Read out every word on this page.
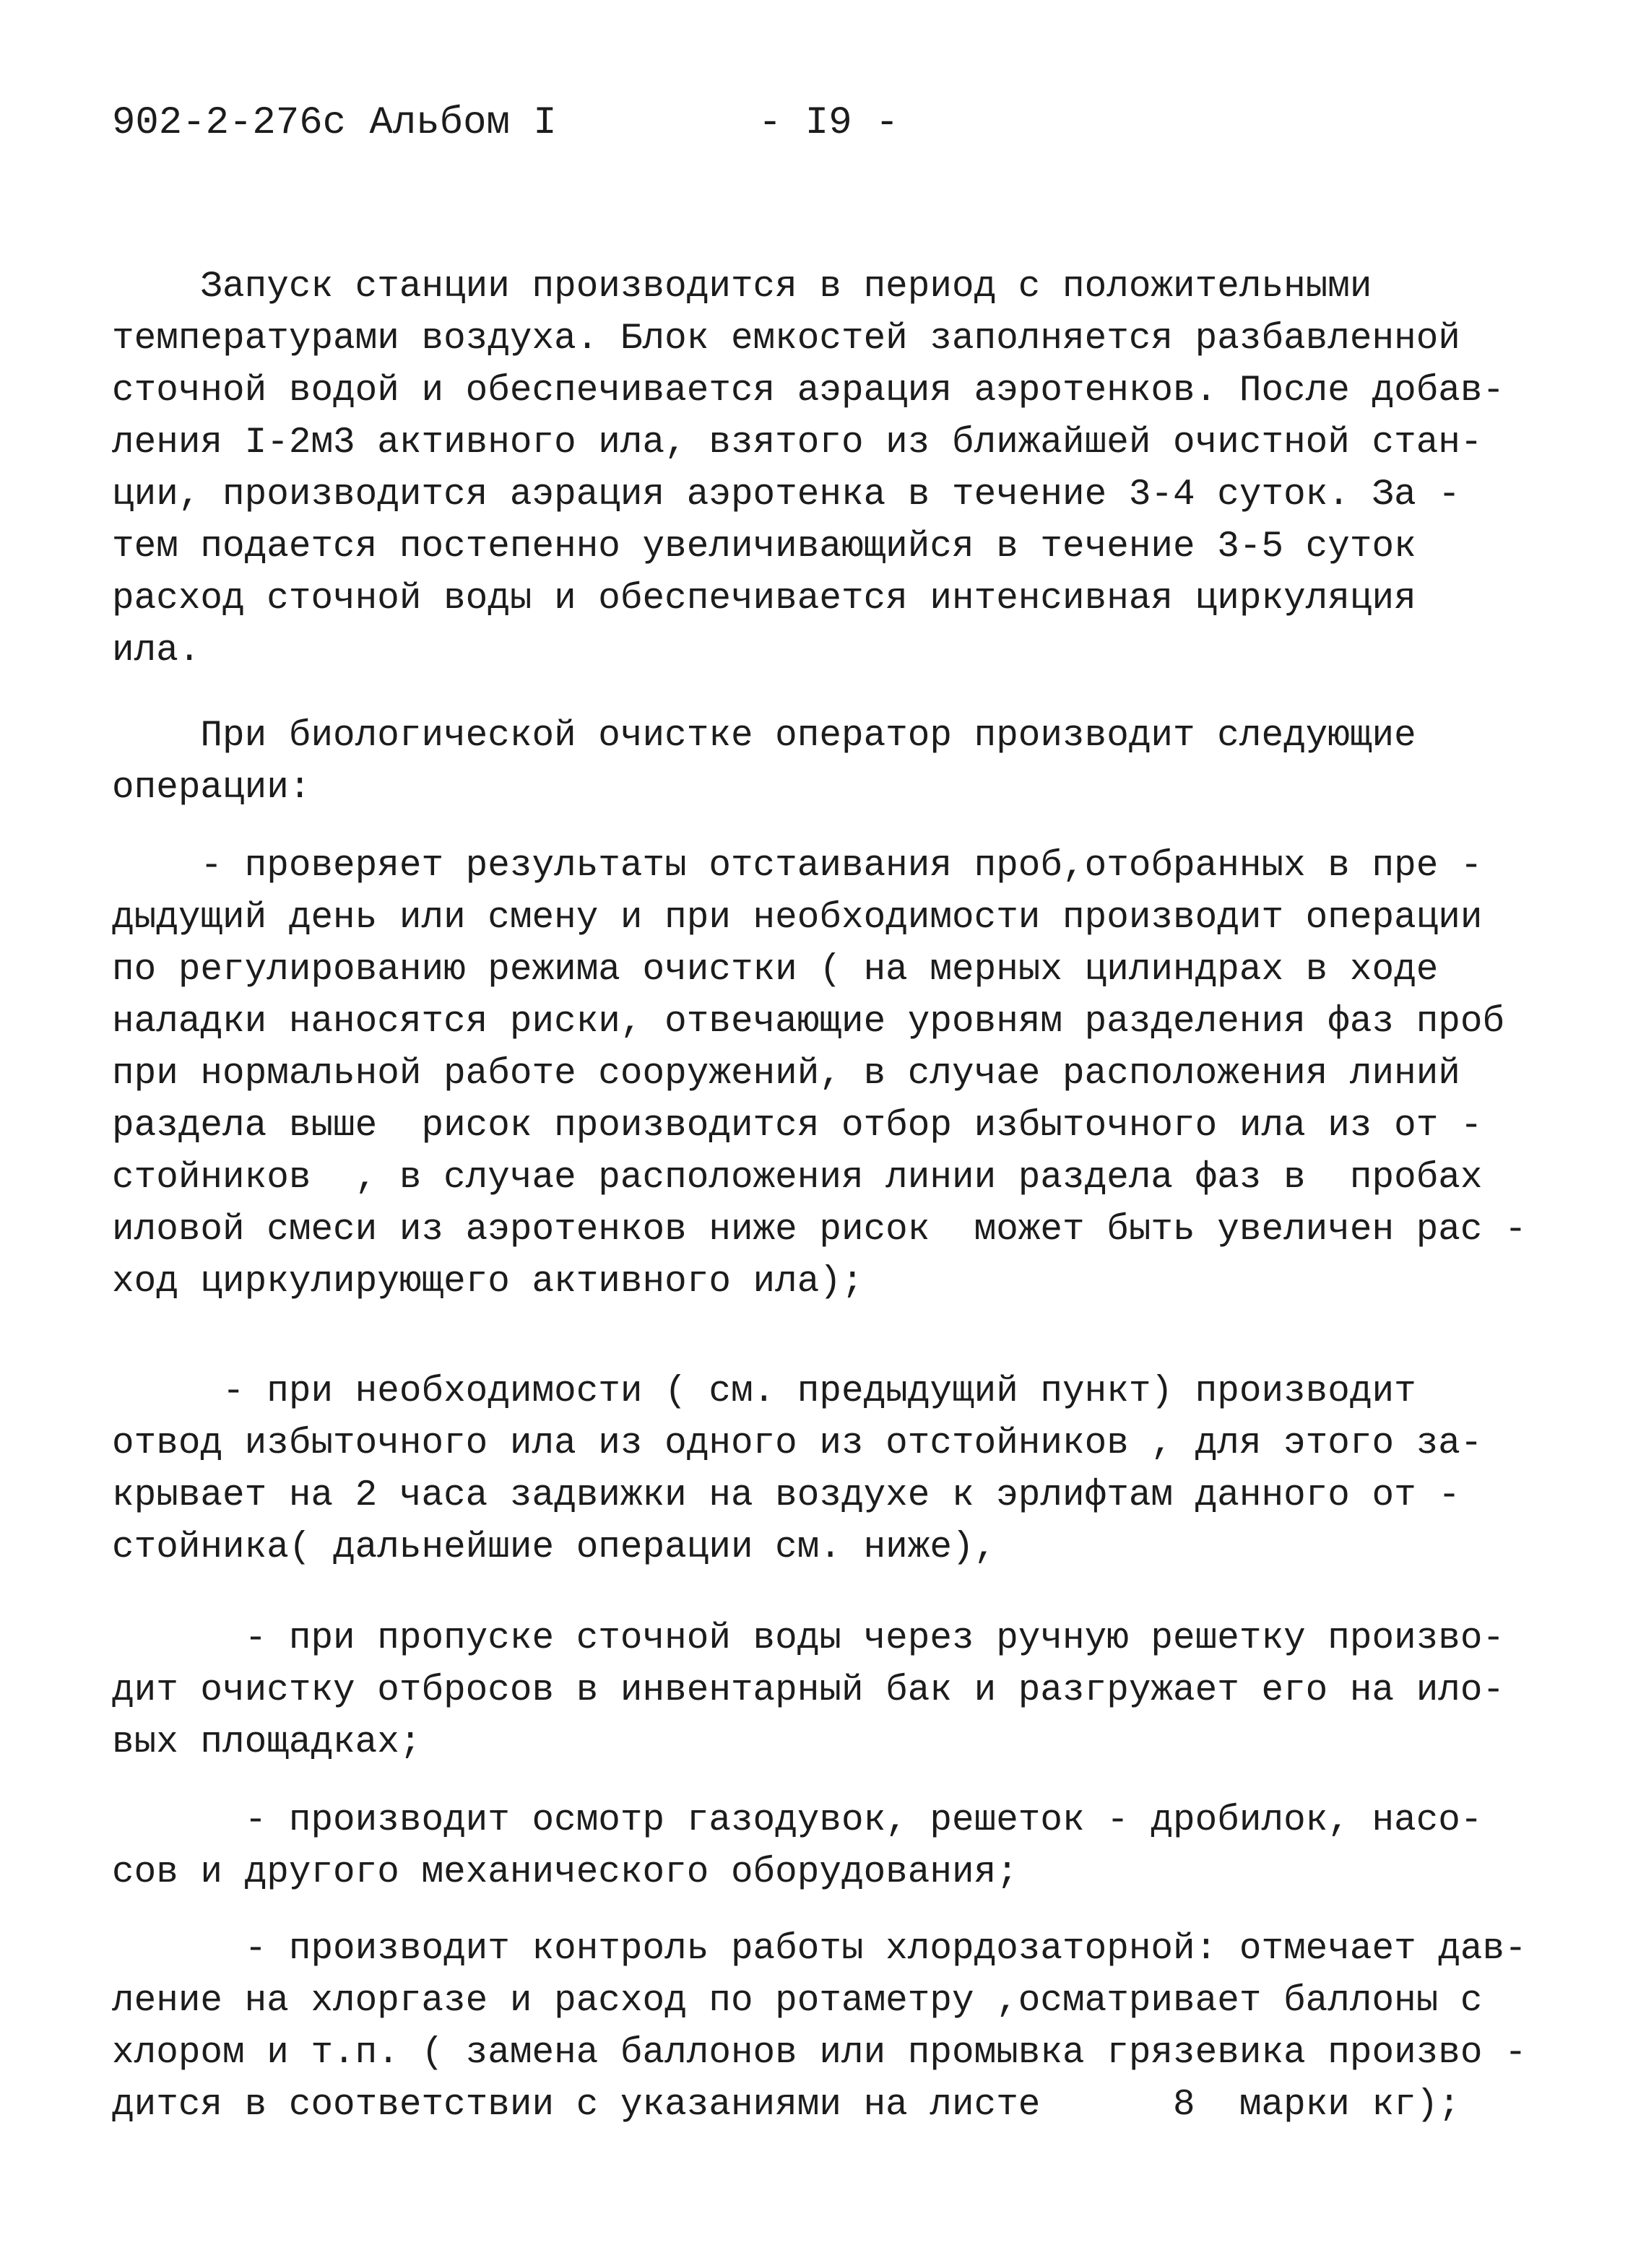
902-2-276с Альбом I	- I9 -
Запуск станции производится в период с положительными
температурами воздуха. Блок емкостей заполняется разбавленной
сточной водой и обеспечивается аэрация аэротенков. После добав-
ления I-2м3 активного ила, взятого из ближайшей очистной стан-
ции, производится аэрация аэротенка в течение 3-4 суток. За -
тем подается постепенно увеличивающийся в течение 3-5 суток
расход сточной воды и обеспечивается интенсивная циркуляция
ила.
При биологической очистке оператор производит следующие
операции:
- проверяет результаты отстаивания проб,отобранных в пре -
дыдущий день или смену и при необходимости производит операции
по регулированию режима очистки ( на мерных цилиндрах в ходе
наладки наносятся риски, отвечающие уровням разделения фаз проб
при нормальной работе сооружений, в случае расположения линий
раздела выше  рисок производится отбор избыточного ила из от -
стойников  , в случае расположения линии раздела фаз в  пробах
иловой смеси из аэротенков ниже рисок  может быть увеличен рас -
ход циркулирующего активного ила);
- при необходимости ( см. предыдущий пункт) производит
отвод избыточного ила из одного из отстойников , для этого за-
крывает на 2 часа задвижки на воздухе к эрлифтам данного от -
стойника( дальнейшие операции см. ниже),
- при пропуске сточной воды через ручную решетку произво-
дит очистку отбросов в инвентарный бак и разгружает его на ило-
вых площадках;
- производит осмотр газодувок, решеток - дробилок, насо-
сов и другого механического оборудования;
- производит контроль работы хлордозаторной: отмечает дав-
ление на хлоргазе и расход по ротаметру ,осматривает баллоны с
хлором и т.п. ( замена баллонов или промывка грязевика произво -
дится в соответствии с указаниями на листе      8  марки кг);
